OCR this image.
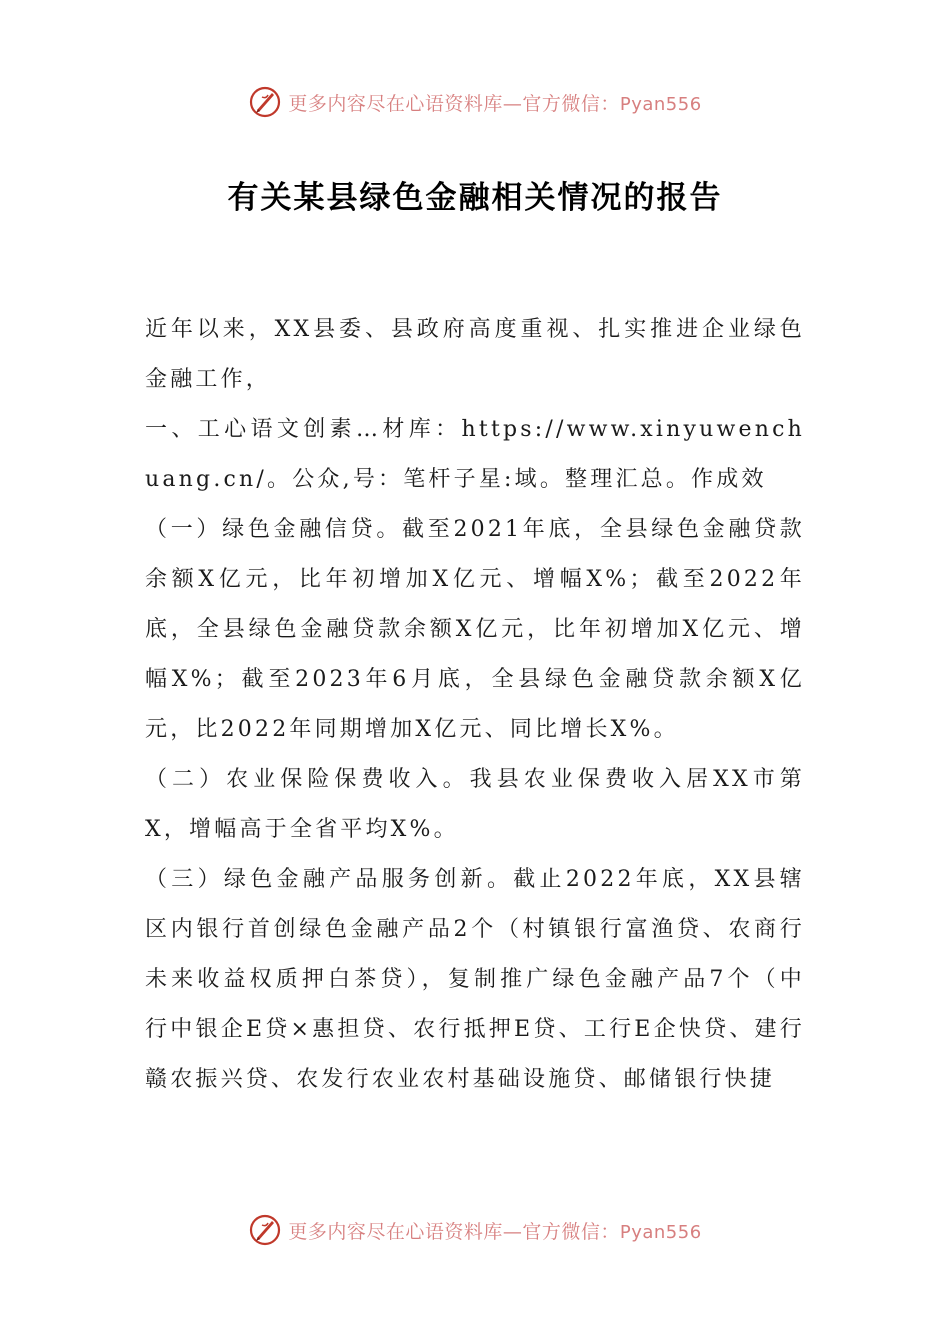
更多内容尽在心语资料库—官方微信：Pyan556
有关某县绿色金融相关情况的报告

近年以来，XX县委、县政府高度重视、扎实推进企业绿色金融工作，

一、工心语文创素…材库：https://www.xinyuwenchuang.cn/。公众,号：笔杆子星:域。整理汇总。作成效

（一）绿色金融信贷。截至2021年底，全县绿色金融贷款余额X亿元，比年初增加X亿元、增幅X%；截至2022年底，全县绿色金融贷款余额X亿元，比年初增加X亿元、增幅X%；截至2023年6月底，全县绿色金融贷款余额X亿元，比2022年同期增加X亿元、同比增长X%。

（二）农业保险保费收入。我县农业保费收入居XX市第X，增幅高于全省平均X%。

（三）绿色金融产品服务创新。截止2022年底，XX县辖区内银行首创绿色金融产品2个（村镇银行富渔贷、农商行未来收益权质押白茶贷），复制推广绿色金融产品7个（中行中银企E贷×惠担贷、农行抵押E贷、工行E企快贷、建行赣农振兴贷、农发行农业农村基础设施贷、邮储银行快捷

更多内容尽在心语资料库—官方微信：Pyan556
